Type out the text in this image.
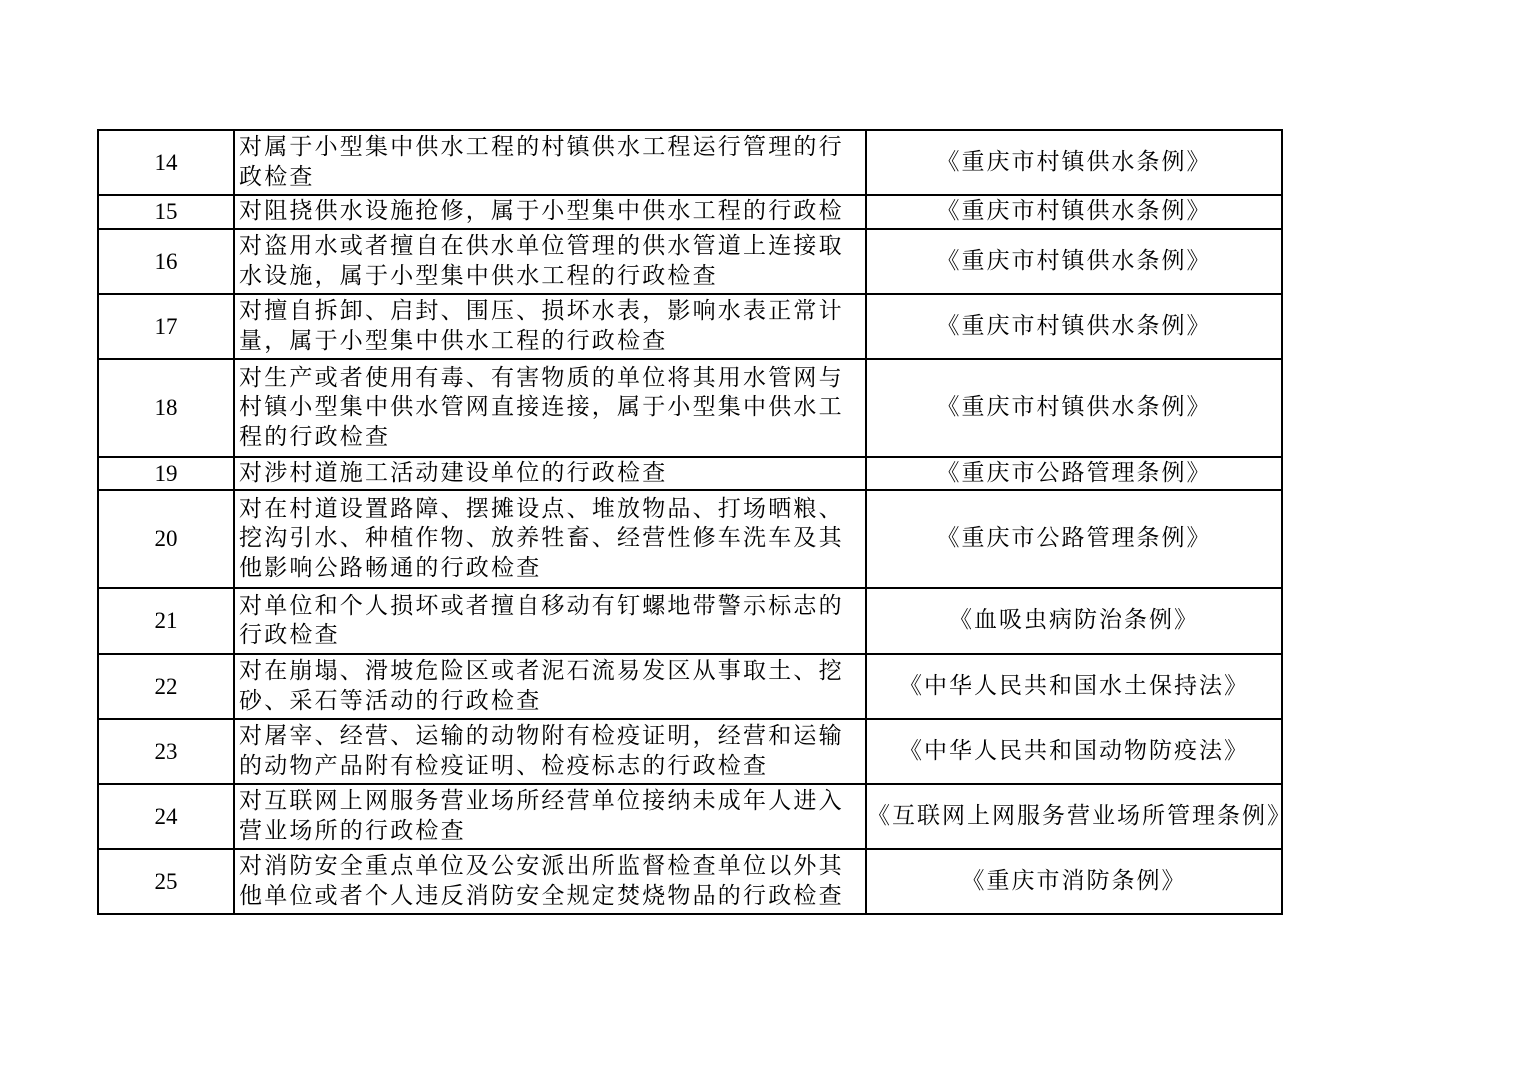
14	对属于小型集中供水工程的村镇供水工程运行管理的行政检查	《重庆市村镇供水条例》
15	对阻挠供水设施抢修，属于小型集中供水工程的行政检	《重庆市村镇供水条例》
16	对盗用水或者擅自在供水单位管理的供水管道上连接取水设施，属于小型集中供水工程的行政检查	《重庆市村镇供水条例》
17	对擅自拆卸、启封、围压、损坏水表，影响水表正常计量，属于小型集中供水工程的行政检查	《重庆市村镇供水条例》
18	对生产或者使用有毒、有害物质的单位将其用水管网与村镇小型集中供水管网直接连接，属于小型集中供水工程的行政检查	《重庆市村镇供水条例》
19	对涉村道施工活动建设单位的行政检查	《重庆市公路管理条例》
20	对在村道设置路障、摆摊设点、堆放物品、打场晒粮、挖沟引水、种植作物、放养牲畜、经营性修车洗车及其他影响公路畅通的行政检查	《重庆市公路管理条例》
21	对单位和个人损坏或者擅自移动有钉螺地带警示标志的行政检查	《血吸虫病防治条例》
22	对在崩塌、滑坡危险区或者泥石流易发区从事取土、挖砂、采石等活动的行政检查	《中华人民共和国水土保持法》
23	对屠宰、经营、运输的动物附有检疫证明，经营和运输的动物产品附有检疫证明、检疫标志的行政检查	《中华人民共和国动物防疫法》
24	对互联网上网服务营业场所经营单位接纳未成年人进入营业场所的行政检查	《互联网上网服务营业场所管理条例》
25	对消防安全重点单位及公安派出所监督检查单位以外其他单位或者个人违反消防安全规定焚烧物品的行政检查	《重庆市消防条例》
